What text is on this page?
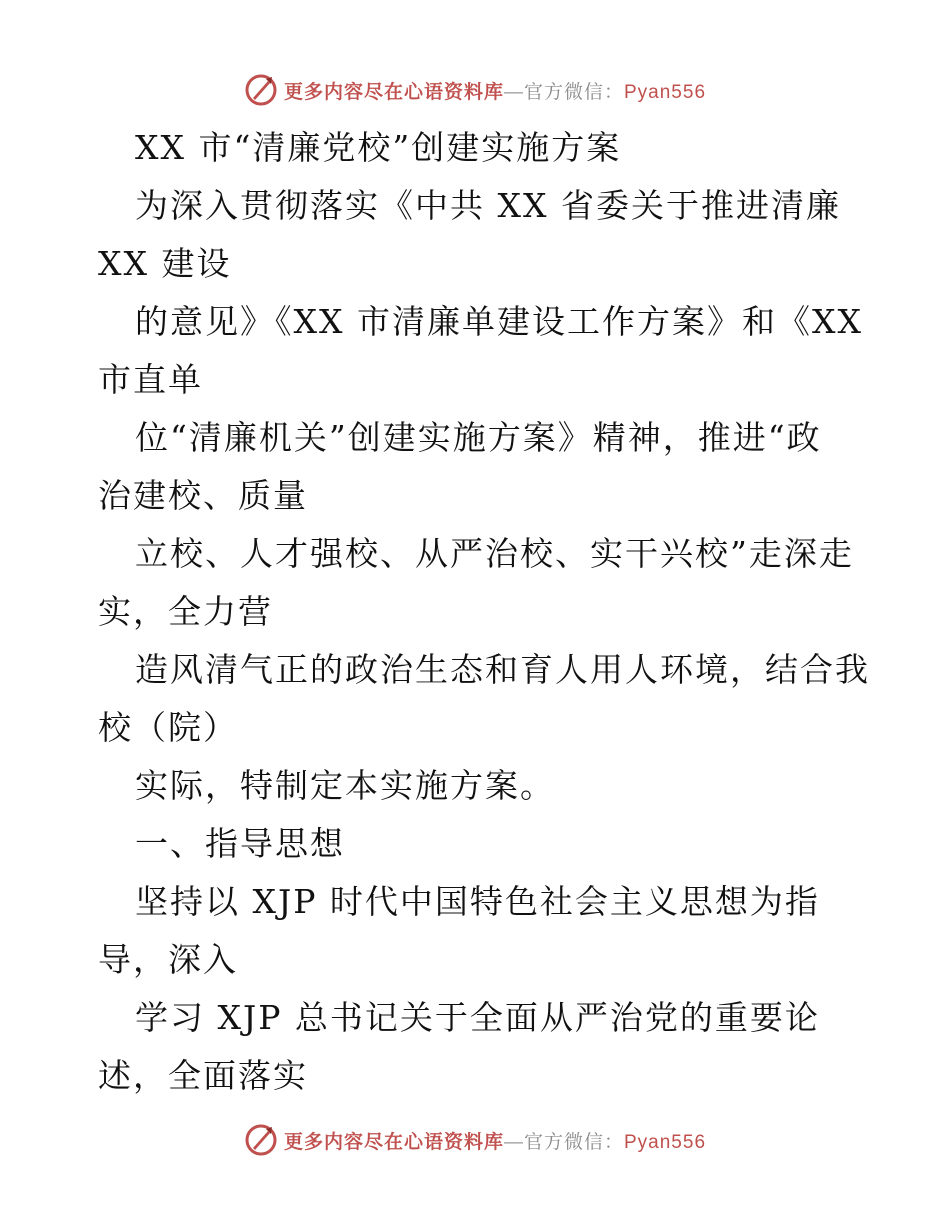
更多内容尽在心语资料库 — 官方微信： Pyan556
XX 市“清廉党校”创建实施方案
为深入贯彻落实《中共 XX 省委关于推进清廉
XX 建设
的意见》《XX 市清廉单建设工作方案》和《XX
市直单
位“清廉机关”创建实施方案》精神，推进“政
治建校、质量
立校、人才强校、从严治校、实干兴校”走深走
实，全力营
造风清气正的政治生态和育人用人环境，结合我
校（院）
实际，特制定本实施方案。
一、指导思想
坚持以 XJP 时代中国特色社会主义思想为指
导，深入
学习 XJP 总书记关于全面从严治党的重要论
述，全面落实
更多内容尽在心语资料库 — 官方微信： Pyan556
